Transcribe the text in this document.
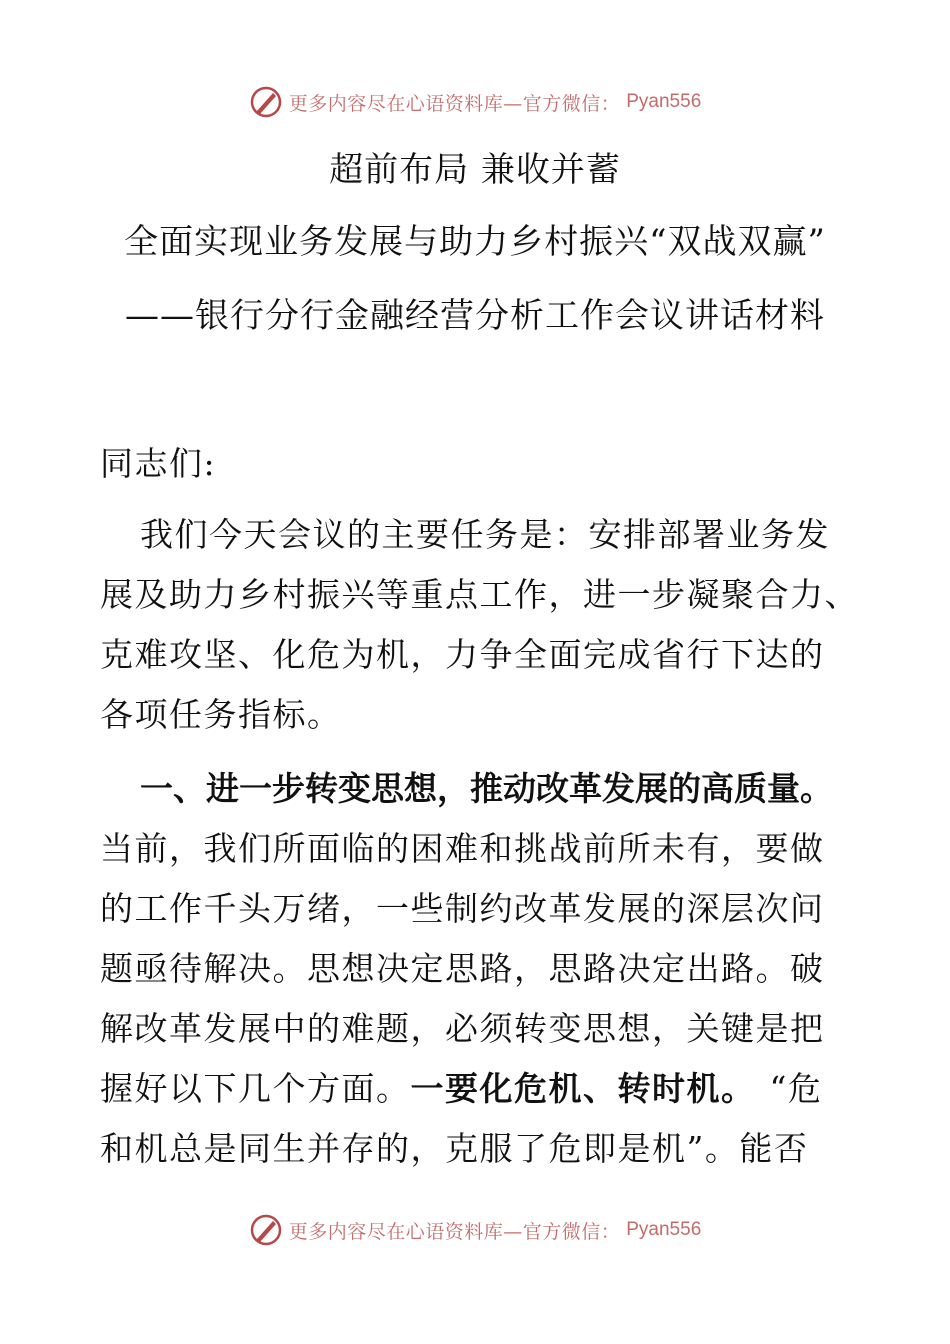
更多内容尽在心语资料库—官方微信： Pyan556
超前布局 兼收并蓄
全面实现业务发展与助力乡村振兴“双战双赢”
——银行分行金融经营分析工作会议讲话材料
同志们:
我们今天会议的主要任务是：安排部署业务发
展及助力乡村振兴等重点工作，进一步凝聚合力、
克难攻坚、化危为机，力争全面完成省行下达的
各项任务指标。
一、进一步转变思想，推动改革发展的高质量。
当前，我们所面临的困难和挑战前所未有，要做
的工作千头万绪，一些制约改革发展的深层次问
题亟待解决。思想决定思路，思路决定出路。破
解改革发展中的难题，必须转变思想，关键是把
握好以下几个方面。一要化危机、转时机。 “危
和机总是同生并存的，克服了危即是机”。能否
更多内容尽在心语资料库—官方微信： Pyan556
